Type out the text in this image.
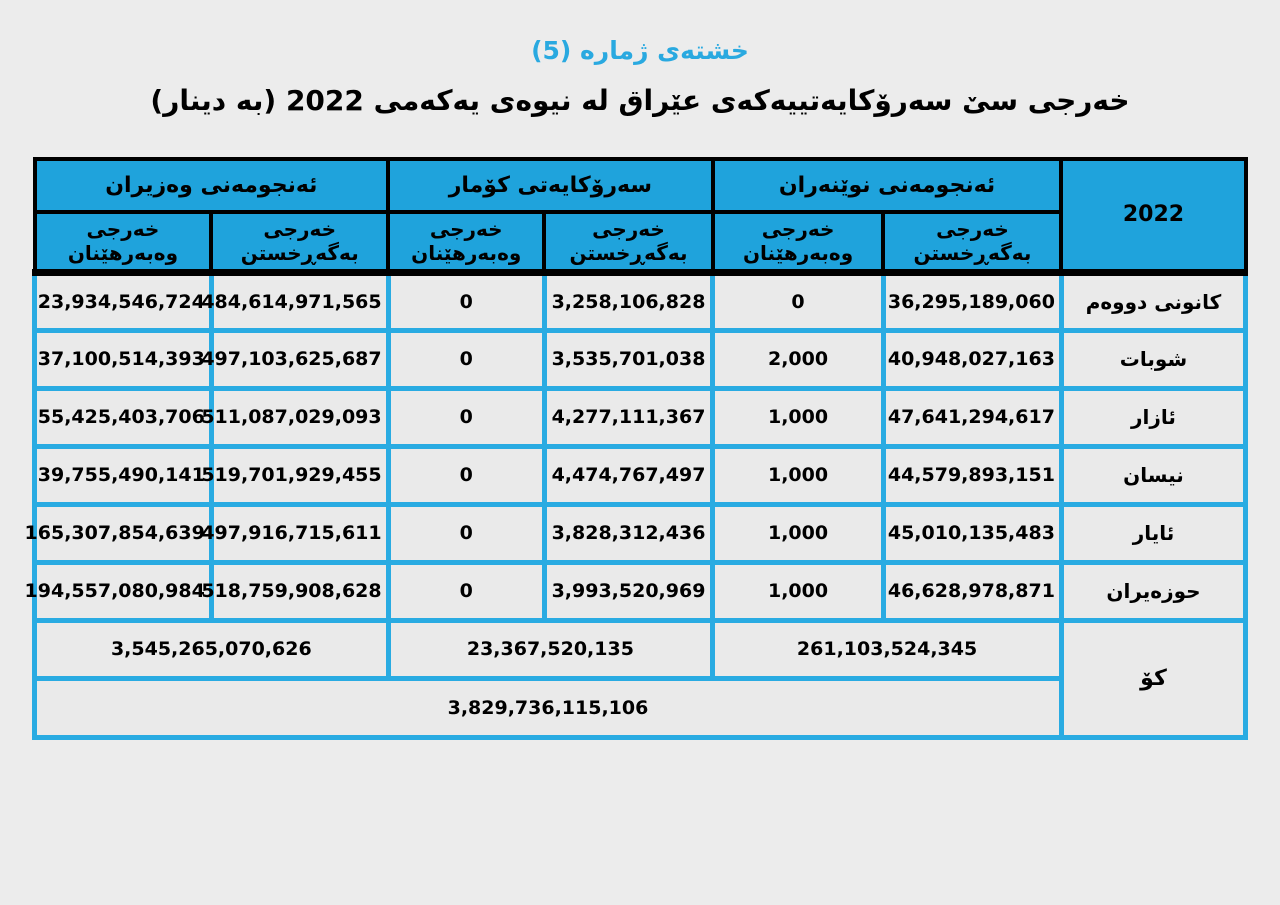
خشته‌ی ژماره‌ (5)
خه‌رجی سێ سه‌رۆکایه‌تییه‌که‌ی عێراق له‌ نیوه‌ی یه‌که‌می 2022 (به‌ دینار)
2022	ئه‌نجومه‌نی نوێنه‌ران		سه‌رۆکایه‌تی کۆمار		ئه‌نجومه‌نی وه‌زیران	
	خه‌رجی به‌گه‌ڕخستن	خه‌رجی وه‌به‌رهێنان	خه‌رجی به‌گه‌ڕخستن	خه‌رجی وه‌به‌رهێنان	خه‌رجی به‌گه‌ڕخستن	خه‌رجی وه‌به‌رهێنان
کانونی دووه‌م	36,295,189,060	0	3,258,106,828	0	484,614,971,565	23,934,546,724
شوبات	40,948,027,163	2,000	3,535,701,038	0	497,103,625,687	37,100,514,393
ئازار	47,641,294,617	1,000	4,277,111,367	0	511,087,029,093	55,425,403,706
نیسان	44,579,893,151	1,000	4,474,767,497	0	519,701,929,455	39,755,490,141
ئایار	45,010,135,483	1,000	3,828,312,436	0	497,916,715,611	165,307,854,639
حوزه‌یران	46,628,978,871	1,000	3,993,520,969	0	518,759,908,628	194,557,080,984
کۆ	261,103,524,345		23,367,520,135		3,545,265,070,626	
	3,829,736,115,106					
